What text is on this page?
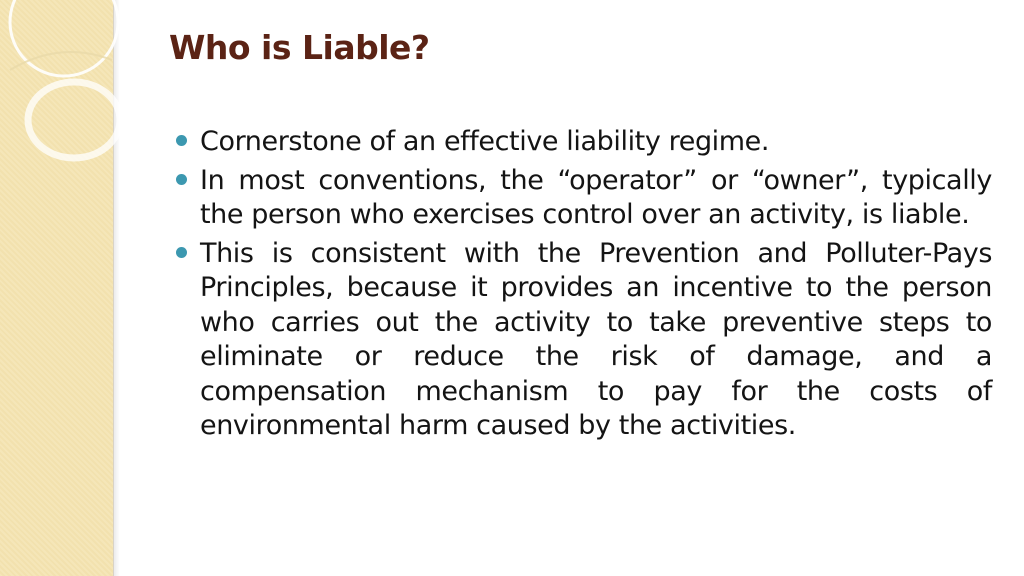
Who is Liable?
Cornerstone of an effective liability regime.
In most conventions, the “operator” or “owner”, typically the person who exercises control over an activity, is liable.
This is consistent with the Prevention and Polluter-Pays Principles, because it provides an incentive to the person who carries out the activity to take preventive steps to eliminate or reduce the risk of damage, and a compensation mechanism to pay for the costs of environmental harm caused by the activities.
